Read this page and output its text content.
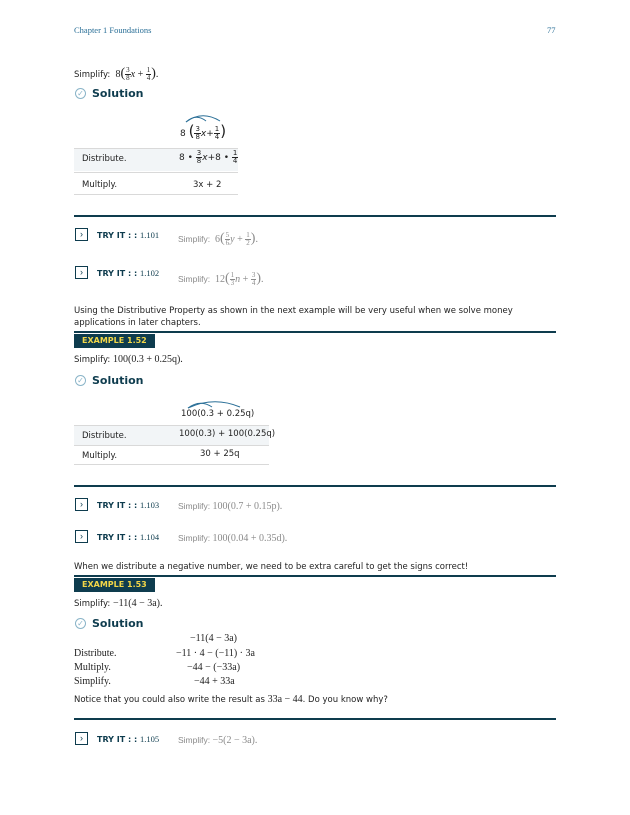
Chapter 1 Foundations	77
Simplify:  $8( \frac{3}{8}$ $x + \frac{1}{4}$ ).
✓ Solution
8 ( $\frac{3}{8} x+ \frac{1}{4}$ )
Distribute.	8 • $\frac{3}{8} x+8$ • $\frac{1}{4}$
Multiply.	3x + 2
›	TRY IT : : 1.101 Simplify:  $6( \frac{5}{6}$ $y + \frac{1}{2}$ ).
›	TRY IT : : 1.102
Simplify:  $12( \frac{1}{3}$ $n + \frac{3}{4}$ ).
Using the Distributive Property as shown in the next example will be very useful when we solve money applications in later chapters.
EXAMPLE 1.52
Simplify: 100(0.3 + 0.25q).
✓ Solution
100(0.3 + 0.25q)
Distribute.	100(0.3) + 100(0.25q)
Multiply.	30 + 25q
›	TRY IT : : 1.103 Simplify: 100(0.7 + 0.15p).
›	TRY IT : : 1.104 Simplify: 100(0.04 + 0.35d).
When we distribute a negative number, we need to be extra careful to get the signs correct!
EXAMPLE 1.53
Simplify: −11(4 − 3a).
✓ Solution
−11(4 − 3a)
Distribute.	−11 · 4 − (−11) · 3a
Multiply.	−44 − (−33a)
Simplify.	−44 + 33a
Notice that you could also write the result as 33a − 44. Do you know why?
›	TRY IT : : 1.105 Simplify: −5(2 − 3a).
